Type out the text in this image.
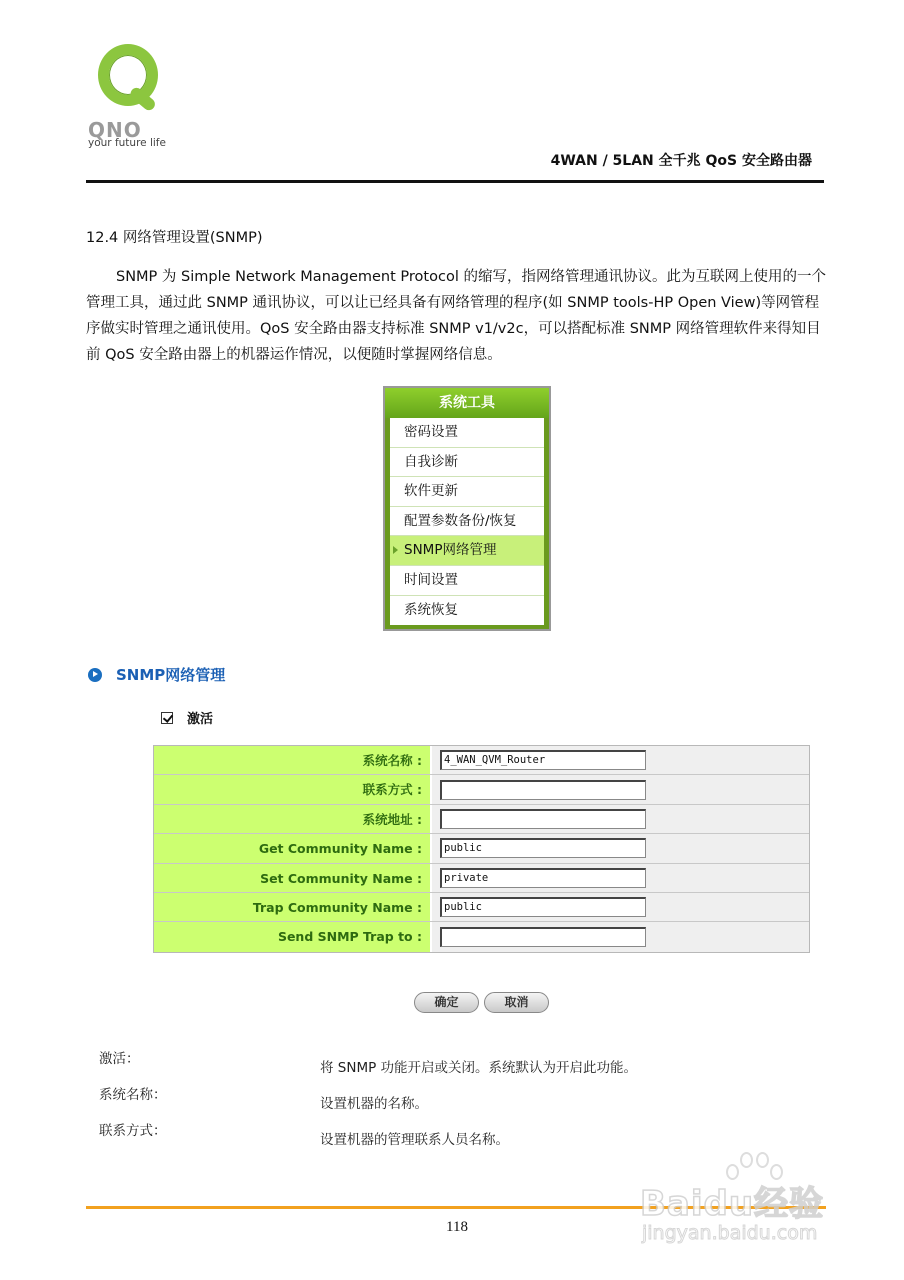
QNO
your future life
4WAN / 5LAN 全千兆 QoS 安全路由器
12.4 网络管理设置(SNMP)

SNMP 为 Simple Network Management Protocol 的缩写，指网络管理通讯协议。此为互联网上使用的一个管理工具，通过此 SNMP 通讯协议，可以让已经具备有网络管理的程序(如 SNMP tools-HP Open View)等网管程序做实时管理之通讯使用。QoS 安全路由器支持标准 SNMP v1/v2c，可以搭配标准 SNMP 网络管理软件来得知目前 QoS 安全路由器上的机器运作情况，以便随时掌握网络信息。

系统工具
密码设置
自我诊断
软件更新
配置参数备份/恢复
SNMP网络管理
时间设置
系统恢复
SNMP网络管理
激活
系统名称 :	4_WAN_QVM_Router
联系方式 :
系统地址 :
Get Community Name :	public
Set Community Name :	private
Trap Community Name :	public
Send SNMP Trap to :
确定	取消
激活：
将 SNMP 功能开启或关闭。系统默认为开启此功能。
系统名称：
设置机器的名称。
联系方式：
设置机器的管理联系人员名称。
118
Baidu经验
jingyan.baidu.com
